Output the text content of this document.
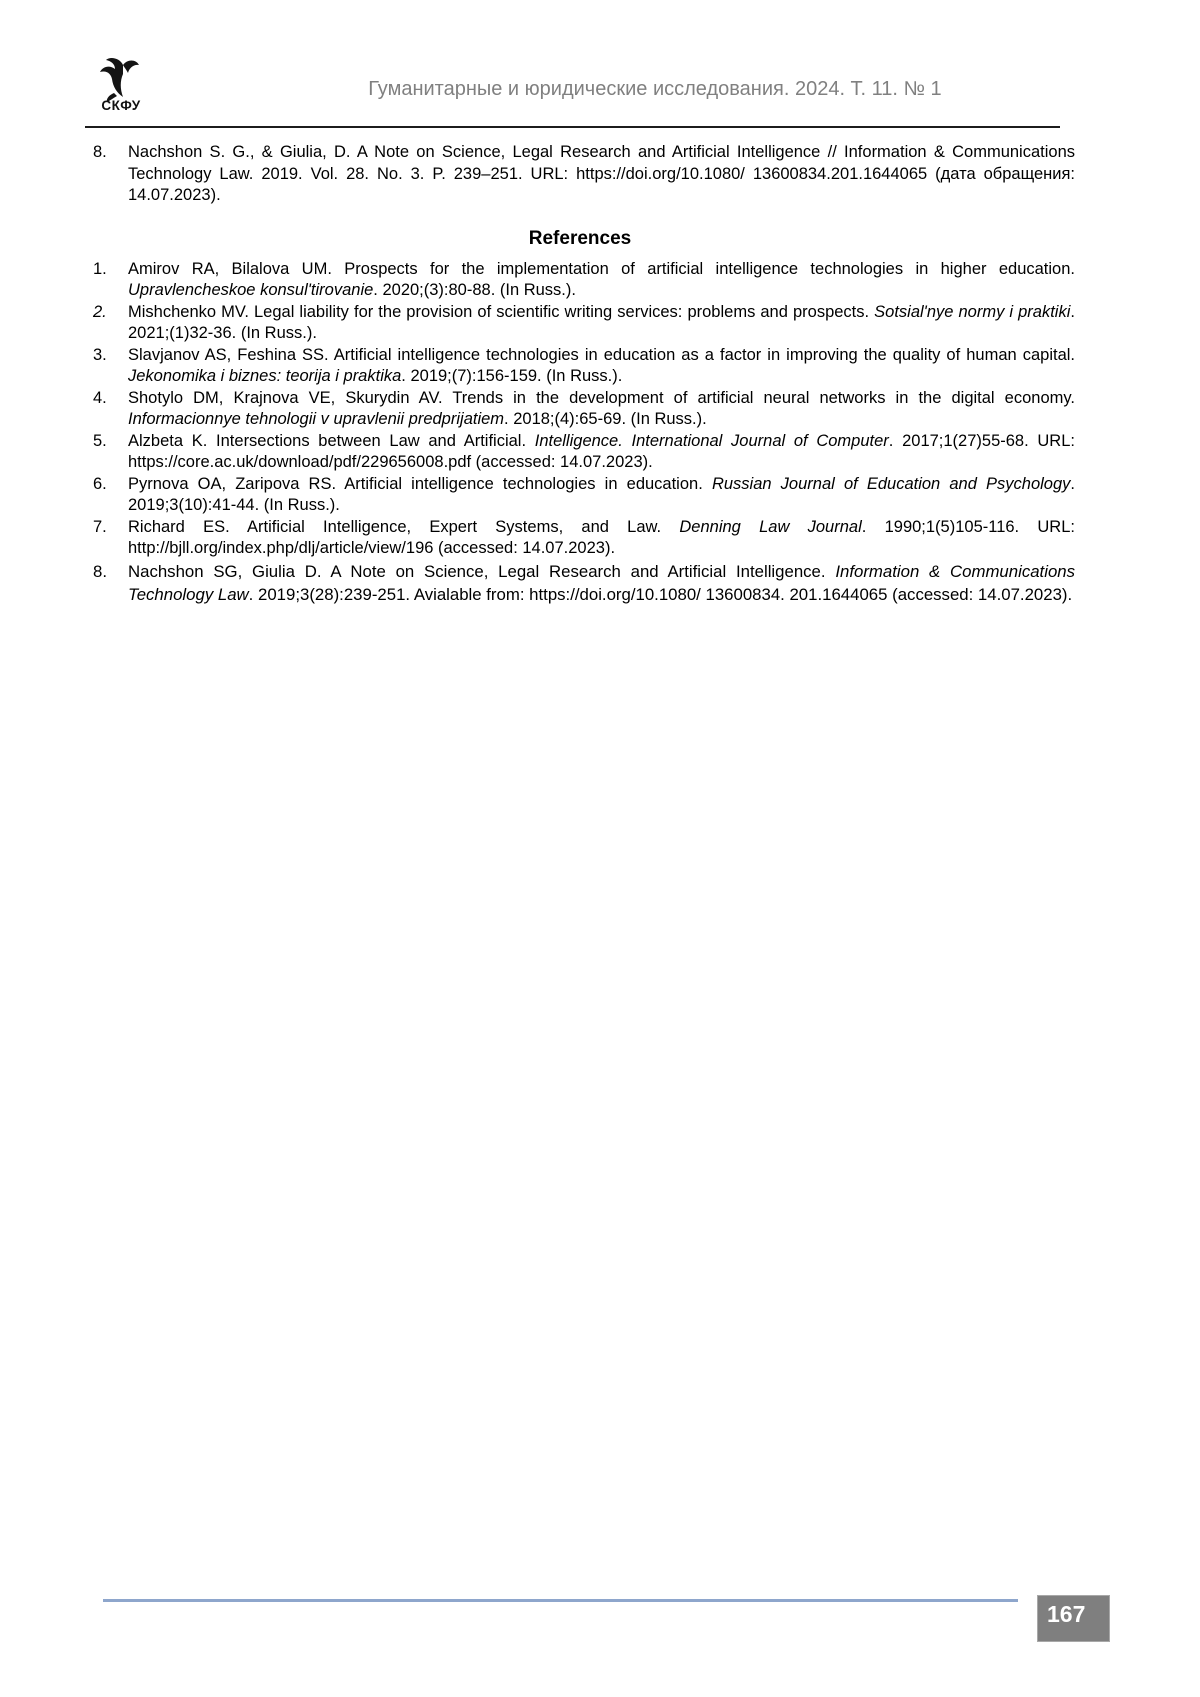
СКФУ
Гуманитарные и юридические исследования. 2024. Т. 11. № 1
8.	Nachshon S. G., & Giulia, D. A Note on Science, Legal Research and Artificial Intelligence // Information & Communications Technology Law. 2019. Vol. 28. No. 3. P. 239–251. URL: https://doi.org/10.1080/ 13600834.201.1644065 (дата обращения: 14.07.2023).

References
1.	Amirov RA, Bilalova UM. Prospects for the implementation of artificial intelligence technologies in higher education. Upravlencheskoe konsul'tirovanie. 2020;(3):80-88. (In Russ.).

2.	Mishchenko MV. Legal liability for the provision of scientific writing services: problems and prospects. Sotsial'nye normy i praktiki. 2021;(1)32-36. (In Russ.).

3.	Slavjanov AS, Feshina SS. Artificial intelligence technologies in education as a factor in improving the quality of human capital. Jekonomika i biznes: teorija i praktika. 2019;(7):156-159. (In Russ.).

4.	Shotylo DM, Krajnova VE, Skurydin AV. Trends in the development of artificial neural networks in the digital economy. Informacionnye tehnologii v upravlenii predprijatiem. 2018;(4):65-69. (In Russ.).

5.	Alzbeta K. Intersections between Law and Artificial. Intelligence. International Journal of Computer. 2017;1(27)55-68. URL: https://core.ac.uk/download/pdf/229656008.pdf (accessed: 14.07.2023).

6.	Pyrnova OA, Zaripova RS. Artificial intelligence technologies in education. Russian Journal of Education and Psychology. 2019;3(10):41-44. (In Russ.).

7.	Richard ES. Artificial Intelligence, Expert Systems, and Law. Denning Law Journal. 1990;1(5)105-116. URL: http://bjll.org/index.php/dlj/article/view/196 (accessed: 14.07.2023).

8.	Nachshon SG, Giulia D. A Note on Science, Legal Research and Artificial Intelligence. Information & Communications Technology Law. 2019;3(28):239-251. Avialable from: https://doi.org/10.1080/ 13600834. 201.1644065 (accessed: 14.07.2023).

167
